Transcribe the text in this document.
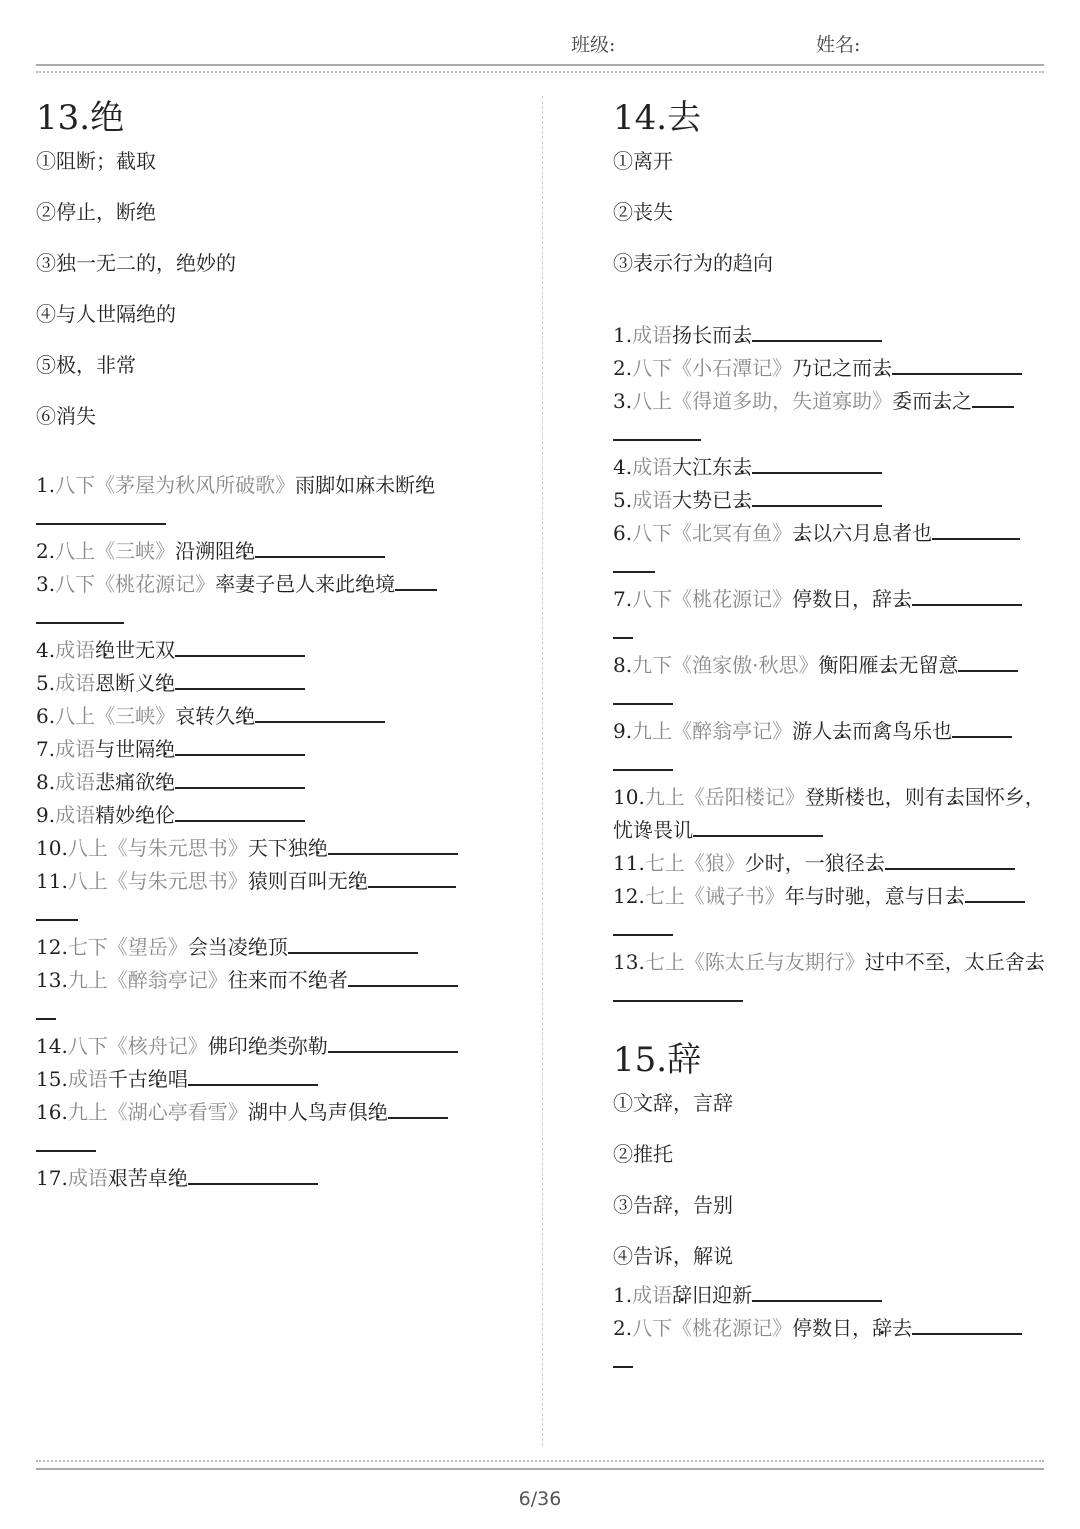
班级:	姓名:
13.绝
①阻断；截取
②停止，断绝
③独一无二的，绝妙的
④与人世隔绝的
⑤极，非常
⑥消失
1.八下《茅屋为秋风所破歌》雨脚如麻未断绝 •
2.八上《三峡》沿溯阻绝 •
3.八下《桃花源记》率妻子邑人来此绝 •境
4.成语绝 •世无双
5.成语恩断义绝 •
6.八上《三峡》哀转久绝 •
7.成语与世隔绝 •
8.成语悲痛欲绝 •
9.成语精妙绝 •伦
10.八上《与朱元思书》天下独绝 •
11.八上《与朱元思书》猿则百叫无绝 •
12.七下《望岳》会当凌绝 •顶
13.九上《醉翁亭记》往来而不绝 •者
14.八下《核舟记》佛印绝 •类弥勒
15.成语千古绝 •唱
16.九上《湖心亭看雪》湖中人鸟声俱绝 •
17.成语艰苦卓绝 •
14.去
①离开
②丧失
③表示行为的趋向
1.成语扬长而去 •
2.八下《小石潭记》乃记之而去 •
3.八上《得道多助，失道寡助》委而去 •之
4.成语大江东去 •
5.成语大势已去 •
6.八下《北冥有鱼》去 •以六月息者也
7.八下《桃花源记》停数日，辞去 •
8.九下《渔家傲·秋思》衡阳雁去 •无留意
9.九上《醉翁亭记》游人去 •而禽鸟乐也
10.九上《岳阳楼记》登斯楼也，则有去 •国怀乡，忧谗畏讥
11.七上《狼》少时，一狼径去 •
12.七上《诫子书》年与时驰，意与日去 •
13.七上《陈太丘与友期行》过中不至，太丘舍去 •
15.辞
①文辞，言辞
②推托
③告辞，告别
④告诉，解说
1.成语辞 •旧迎新
2.八下《桃花源记》停数日，辞 •去
6/36
